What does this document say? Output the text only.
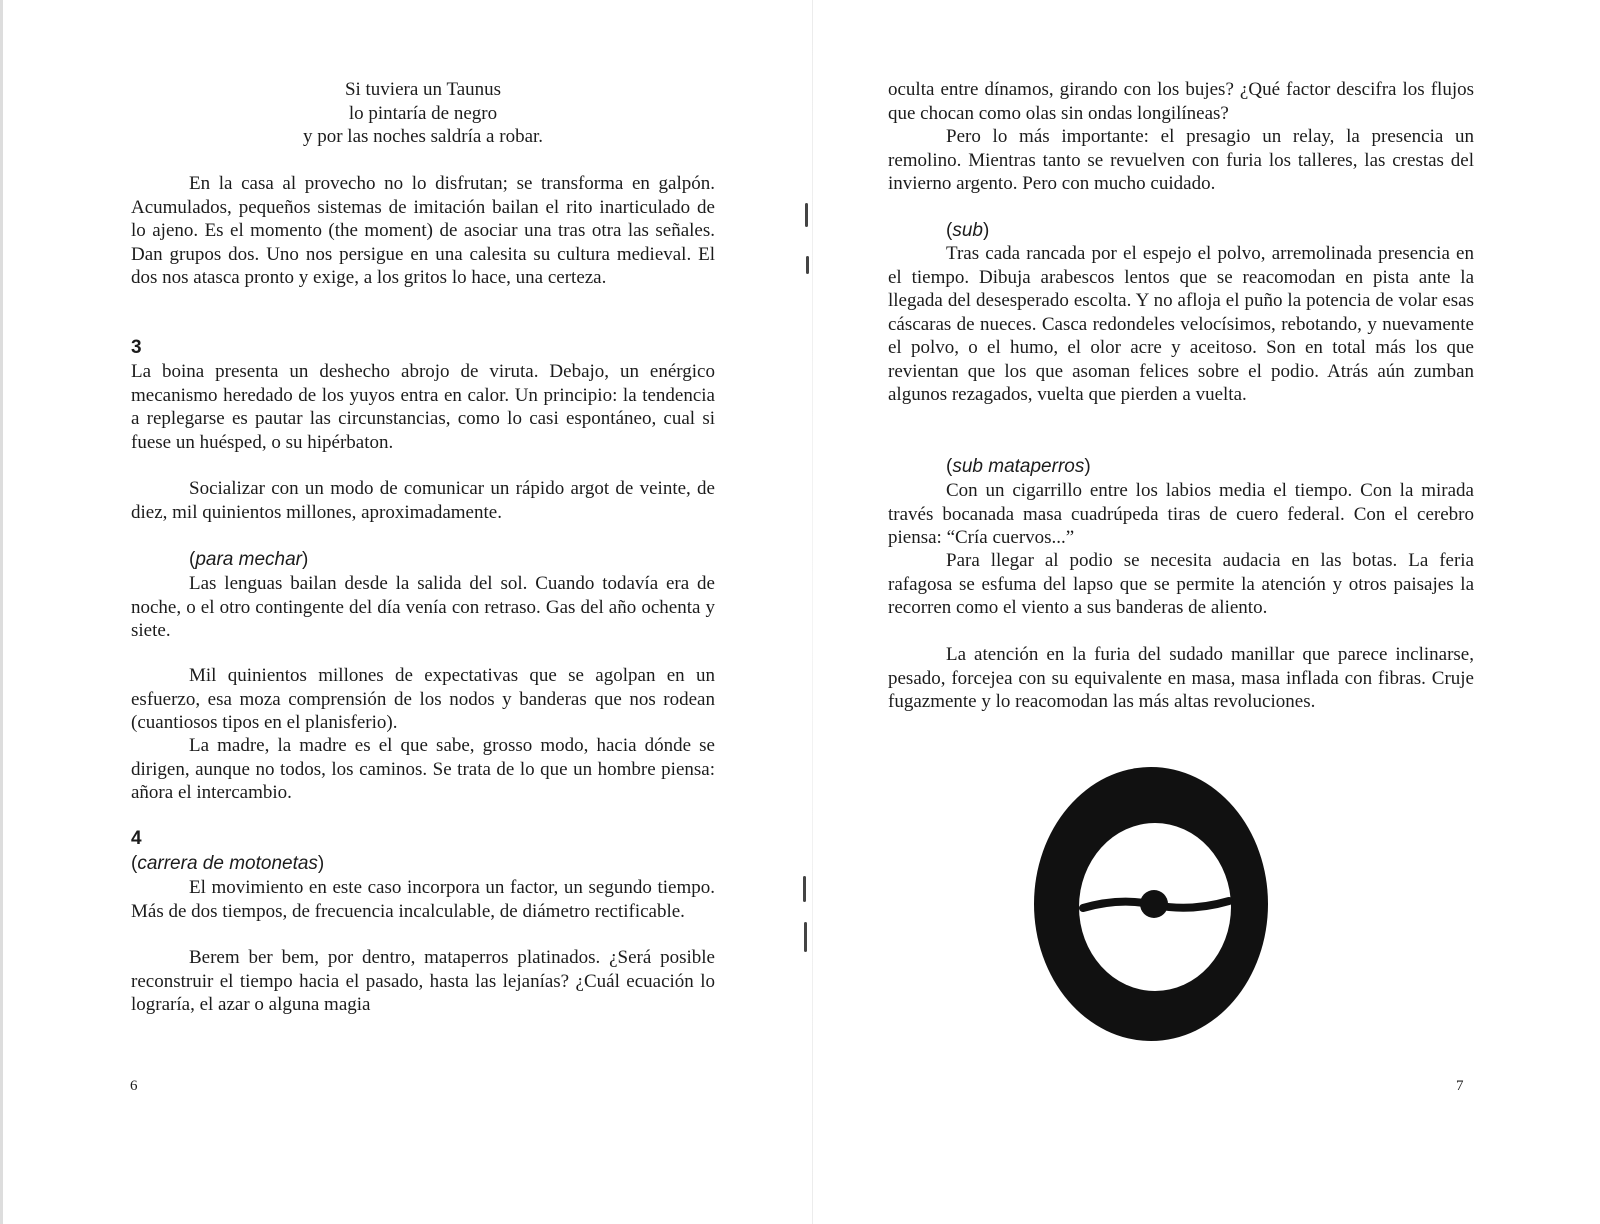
Si tuviera un Taunus
lo pintaría de negro
y por las noches saldría a robar.

En la casa al provecho no lo disfrutan; se transforma en galpón. Acumulados, pequeños sistemas de imitación bailan el rito inarticulado de lo ajeno. Es el momento (the moment) de asociar una tras otra las señales. Dan grupos dos. Uno nos persigue en una calesita su cultura medieval. El dos nos atasca pronto y exige, a los gritos lo hace, una certeza.

3

La boina presenta un deshecho abrojo de viruta. Debajo, un enérgico mecanismo heredado de los yuyos entra en calor. Un principio: la tendencia a replegarse es pautar las circunstancias, como lo casi espontáneo, cual si fuese un huésped, o su hipérbaton.

Socializar con un modo de comunicar un rápido argot de veinte, de diez, mil quinientos millones, aproximadamente.

(para mechar)

Las lenguas bailan desde la salida del sol. Cuando todavía era de noche, o el otro contingente del día venía con retraso. Gas del año ochenta y siete.

Mil quinientos millones de expectativas que se agolpan en un esfuerzo, esa moza comprensión de los nodos y banderas que nos rodean (cuantiosos tipos en el planisferio).

La madre, la madre es el que sabe, grosso modo, hacia dónde se dirigen, aunque no todos, los caminos. Se trata de lo que un hombre piensa: añora el intercambio.

4
(carrera de motonetas)

El movimiento en este caso incorpora un factor, un segundo tiempo. Más de dos tiempos, de frecuencia incalculable, de diámetro rectificable.

Berem ber bem, por dentro, mataperros platinados. ¿Será posible reconstruir el tiempo hacia el pasado, hasta las lejanías? ¿Cuál ecuación lo lograría, el azar o alguna magia

6

oculta entre dínamos, girando con los bujes? ¿Qué factor descifra los flujos que chocan como olas sin ondas longilíneas?

Pero lo más importante: el presagio un relay, la presencia un remolino. Mientras tanto se revuelven con furia los talleres, las crestas del invierno argento. Pero con mucho cuidado.

(sub)

Tras cada rancada por el espejo el polvo, arremolinada presencia en el tiempo. Dibuja arabescos lentos que se reacomodan en pista ante la llegada del desesperado escolta. Y no afloja el puño la potencia de volar esas cáscaras de nueces. Casca redondeles velocísimos, rebotando, y nuevamente el polvo, o el humo, el olor acre y aceitoso. Son en total más los que revientan que los que asoman felices sobre el podio. Atrás aún zumban algunos rezagados, vuelta que pierden a vuelta.

(sub mataperros)

Con un cigarrillo entre los labios media el tiempo. Con la mirada través bocanada masa cuadrúpeda tiras de cuero federal. Con el cerebro piensa: “Cría cuervos...”

Para llegar al podio se necesita audacia en las botas. La feria rafagosa se esfuma del lapso que se permite la atención y otros paisajes la recorren como el viento a sus banderas de aliento.

La atención en la furia del sudado manillar que parece inclinarse, pesado, forcejea con su equivalente en masa, masa inflada con fibras. Cruje fugazmente y lo reacomodan las más altas revoluciones.

7
